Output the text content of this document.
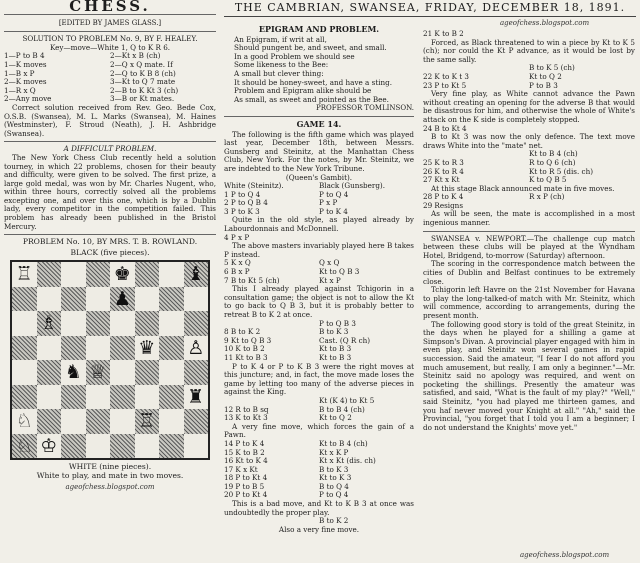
THE CAMBRIAN, SWANSEA, FRIDAY, DECEMBER 18, 1891.
ageofchess.blogspot.com
CHESS.
[EDITED BY JAMES GLASS.]
SOLUTION TO PROBLEM No. 9, BY F. HEALEY.
Key—move—White 1, Q to K R 6.
1—P to B 4	2—Kt x B (ch)
1—K moves	2—Q x Q mate. If
1—B x P	2—Q to K B 8 (ch)
2—K moves	3—Kt to Q 7 mate
1—R x Q	2—B to K Kt 3 (ch)
2—Any move	3—B or Kt mates.

Correct solution received from Rev. Geo. Bede Cox, O.S.B. (Swansea), M. L. Marks (Swansea), M. Haines (Westminster), F. Stroud (Neath), J. H. Ashbridge (Swansea).

A DIFFICULT PROBLEM.

The New York Chess Club recently held a solution tourney, in which 22 problems, chosen for their beauty and difficulty, were given to be solved. The first prize, a large gold medal, was won by Mr. Charles Nugent, who, within three hours, correctly solved all the problems excepting one, and over this one, which is by a Dublin lady, every competitor in the competition failed. This problem has already been published in the Bristol Mercury.

PROBLEM No. 10, BY MRS. T. B. ROWLAND.
BLACK (five pieces).
♖	♚	♝
♟
♗
♛ ♙
♞ ♕
♜
♘	♖
♘ ♔
WHITE (nine pieces).
White to play, and mate in two moves.
ageofchess.blogspot.com
EPIGRAM AND PROBLEM.
An Epigram, if writ at all,
Should pungent be, and sweet, and small.
In a good Problem we should see
Some likeness to the Bee:
A small but clever thing:
It should be honey-sweet, and have a sting.
Problem and Epigram alike should be
As small, as sweet and pointed as the Bee.
PROFESSOR TOMLINSON.
GAME 14.

The following is the fifth game which was played last year, December 18th, between Messrs. Gunsberg and Steinitz, at the Manhattan Chess Club, New York. For the notes, by Mr. Steinitz, we are indebted to the New York Tribune.

(Queen's Gambit).
White (Steinitz).	Black (Gunsberg).
1 P to Q 4	P to Q 4
2 P to Q B 4	P x P
3 P to K 3	P to K 4

Quite in the old style, as played already by Labourdonnais and McDonnell.

4 P x P

The above masters invariably played here B takes P instead.

5 K x Q	Q x Q
6 B x P	Kt to Q B 3
7 B to Kt 5 (ch)	Kt x P

This I already played against Tchigorin in a consultation game; the object is not to allow the Kt to go back to Q B 3, but it is probably better to retreat B to K 2 at once.

P to Q B 3
8 B to K 2	B to K 3
9 Kt to Q B 3	Cast. (Q R ch)
10 K to B 2	Kt to B 3
11 Kt to B 3	Kt to B 3

P to K 4 or P to K B 3 were the right moves at this juncture; and, in fact, the move made loses the game by letting too many of the adverse pieces in against the King.

Kt (K 4) to Kt 5
12 R to B sq	B to B 4 (ch)
13 K to Kt 3	Kt to Q 2

A very fine move, which forces the gain of a Pawn.

14 P to K 4	Kt to B 4 (ch)
15 K to B 2	Kt x K P
16 Kt to K 4	Kt x Kt (dis. ch)
17 K x Kt	B to K 3
18 P to Kt 4	Kt to K 3
19 P to B 5	B to Q 4
20 P to Kt 4	P to Q 4

This is a bad move, and Kt to K B 3 at once was undoubtedly the proper play.

B to K 2
Also a very fine move.
21 K to B 2

Forced, as Black threatened to win a piece by Kt to K 5 (ch); nor could the Kt P advance, as it would be lost by the same sally.

B to K 5 (ch)
22 K to K t 3	Kt to Q 2
23 P to Kt 5	P to B 3

Very fine play, as White cannot advance the Pawn without creating an opening for the adverse B that would be disastrous for him, and otherwise the whole of White's attack on the K side is completely stopped.

24 B to Kt 4

B to Kt 3 was now the only defence. The text move draws White into the "mate" net.

Kt to B 4 (ch)
25 K to R 3	R to Q 6 (ch)
26 K to R 4	Kt to R 5 (dis. ch)
27 Kt x Kt	K to Q B 5

At this stage Black announced mate in five moves.

28 P to K 4	R x P (ch)
29 Resigns

As will be seen, the mate is accomplished in a most ingenious manner.

SWANSEA v. NEWPORT.—The challenge cup match between these clubs will be played at the Wyndham Hotel, Bridgend, to-morrow (Saturday) afternoon.

The scoring in the correspondence match between the cities of Dublin and Belfast continues to be extremely close.

Tchigorin left Havre on the 21st November for Havana to play the long-talked-of match with Mr. Steinitz, which will commence, according to arrangements, during the present month.

The following good story is told of the great Steinitz, in the days when he played for a shilling a game at Simpson's Divan. A provincial player engaged with him in even play, and Steinitz won several games in rapid succession. Said the amateur, "I fear I do not afford you much amusement, but really, I am only a beginner."—Mr. Steinitz said no apology was required, and went on pocketing the shillings. Presently the amateur was satisfied, and said, "What is the fault of my play?" "Well," said Steinitz, "you had played me thirteen games, and you haf never moved your Knight at all." "Ah," said the Provincial, "you forget that I told you I am a beginner; I do not understand the Knights' move yet."

ageofchess.blogspot.com
